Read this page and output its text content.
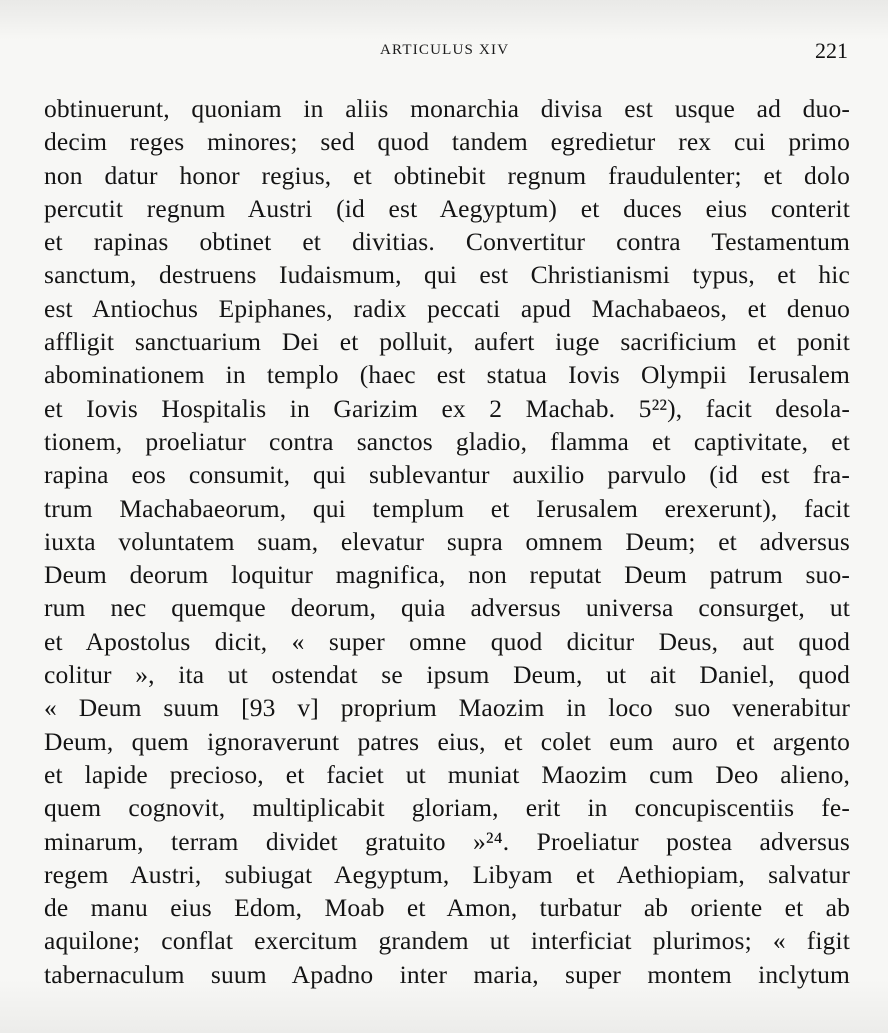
ARTICULUS XIV	221
obtinuerunt, quoniam in aliis monarchia divisa est usque ad duo-
decim reges minores; sed quod tandem egredietur rex cui primo
non datur honor regius, et obtinebit regnum fraudulenter; et dolo
percutit regnum Austri (id est Aegyptum) et duces eius conterit
et rapinas obtinet et divitias. Convertitur contra Testamentum
sanctum, destruens Iudaismum, qui est Christianismi typus, et hic
est Antiochus Epiphanes, radix peccati apud Machabaeos, et denuo
affligit sanctuarium Dei et polluit, aufert iuge sacrificium et ponit
abominationem in templo (haec est statua Iovis Olympii Ierusalem
et Iovis Hospitalis in Garizim ex 2 Machab. 5²²), facit desola-
tionem, proeliatur contra sanctos gladio, flamma et captivitate, et
rapina eos consumit, qui sublevantur auxilio parvulo (id est fra-
trum Machabaeorum, qui templum et Ierusalem erexerunt), facit
iuxta voluntatem suam, elevatur supra omnem Deum; et adversus
Deum deorum loquitur magnifica, non reputat Deum patrum suo-
rum nec quemque deorum, quia adversus universa consurget, ut
et Apostolus dicit, « super omne quod dicitur Deus, aut quod
colitur », ita ut ostendat se ipsum Deum, ut ait Daniel, quod
« Deum suum [93 v] proprium Maozim in loco suo venerabitur
Deum, quem ignoraverunt patres eius, et colet eum auro et argento
et lapide precioso, et faciet ut muniat Maozim cum Deo alieno,
quem cognovit, multiplicabit gloriam, erit in concupiscentiis fe-
minarum, terram dividet gratuito »²⁴. Proeliatur postea adversus
regem Austri, subiugat Aegyptum, Libyam et Aethiopiam, salvatur
de manu eius Edom, Moab et Amon, turbatur ab oriente et ab
aquilone; conflat exercitum grandem ut interficiat plurimos; « figit
tabernaculum suum Apadno inter maria, super montem inclytum
